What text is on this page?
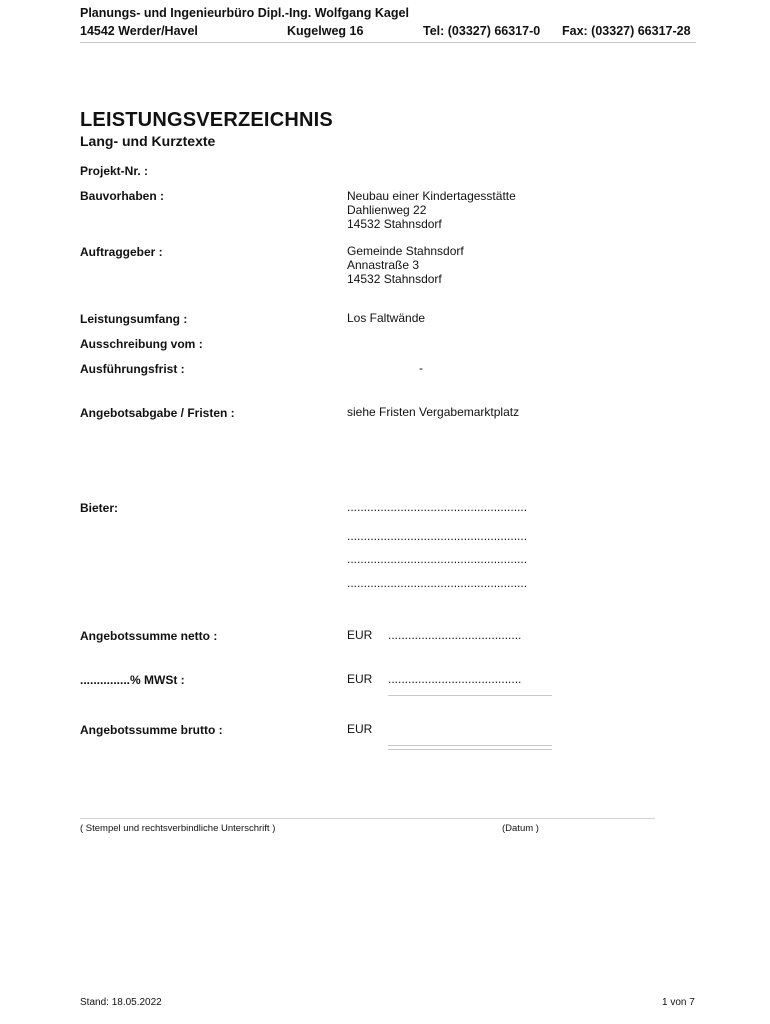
Planungs- und Ingenieurbüro Dipl.-Ing. Wolfgang Kagel
14542 Werder/Havel	Kugelweg 16	Tel: (03327) 66317-0 Fax: (03327) 66317-28
LEISTUNGSVERZEICHNIS
Lang- und Kurztexte
Projekt-Nr. :
Bauvorhaben :	Neubau einer Kindertagesstätte
Dahlienweg 22
14532 Stahnsdorf
Auftraggeber :	Gemeinde Stahnsdorf
Annastraße 3
14532 Stahnsdorf
Leistungsumfang :	Los Faltwände
Ausschreibung vom :
Ausführungsfrist :	-
Angebotsabgabe / Fristen :	siehe Fristen Vergabemarktplatz
Bieter:	......................................................
......................................................
......................................................
......................................................
Angebotssumme netto :	EUR ........................................
...............% MWSt :	EUR ........................................
Angebotssumme brutto :	EUR
( Stempel und rechtsverbindliche Unterschrift )	(Datum )
Stand: 18.05.2022	1 von 7
